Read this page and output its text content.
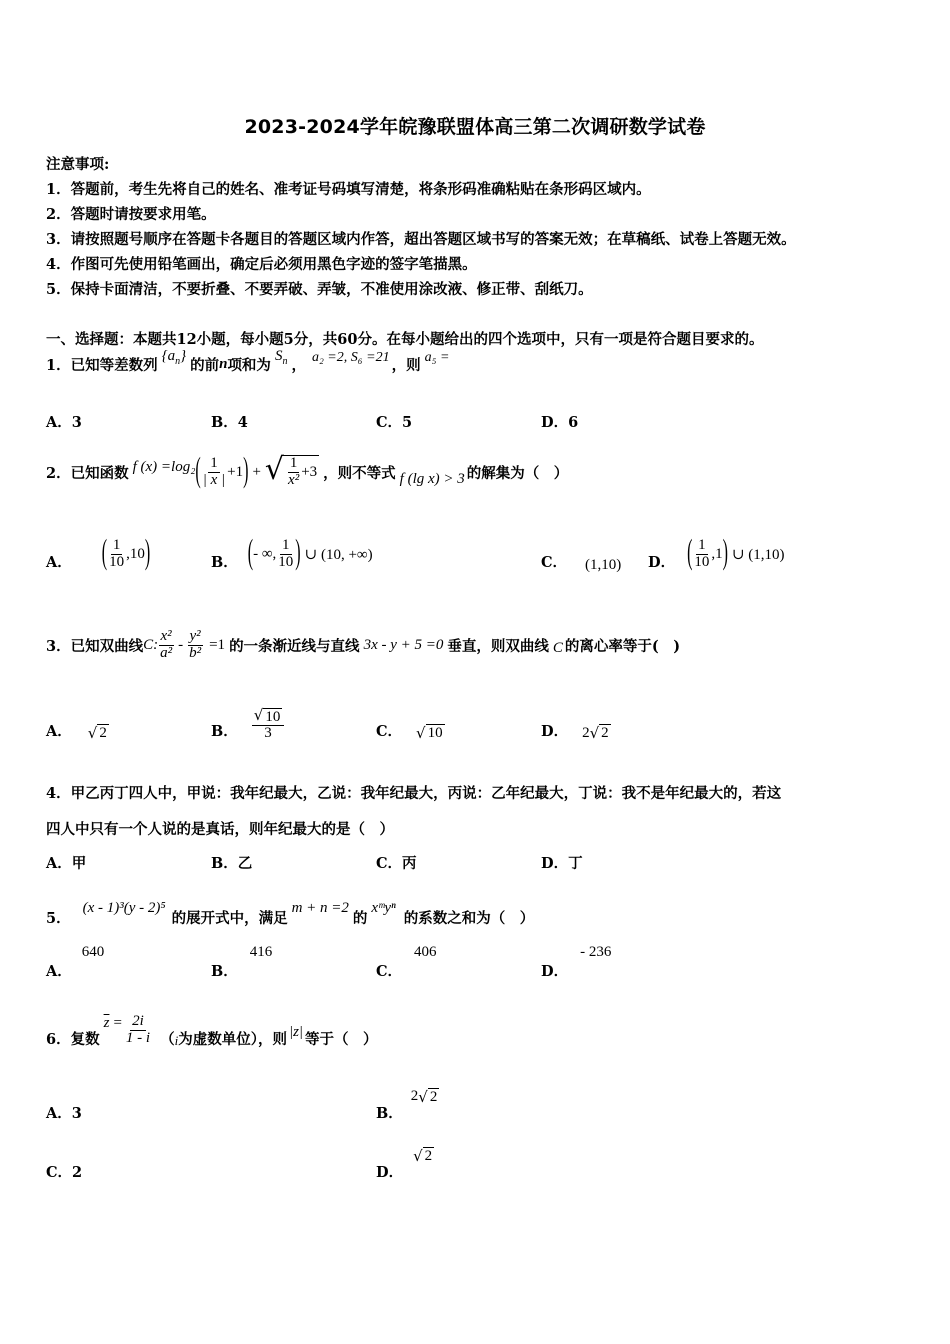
2023-2024学年皖豫联盟体高三第二次调研数学试卷
注意事项:
1．答题前，考生先将自己的姓名、准考证号码填写清楚，将条形码准确粘贴在条形码区域内。
2．答题时请按要求用笔。
3．请按照题号顺序在答题卡各题目的答题区域内作答，超出答题区域书写的答案无效；在草稿纸、试卷上答题无效。
4．作图可先使用铅笔画出，确定后必须用黑色字迹的签字笔描黑。
5．保持卡面清洁，不要折叠、不要弄破、弄皱，不准使用涂改液、修正带、刮纸刀。
一、选择题：本题共12小题，每小题5分，共60分。在每小题给出的四个选项中，只有一项是符合题目要求的。
1．已知等差数列
$\{a_n\}$
的前 n 项和为
$S_n$ ， a₂ =2, S₆ =21 ，则 a₅ =
A．3	B．4	C．5	D．6
2．已知函数 f (x) =log₂ ( $\frac{1}{| x |} +1$ ) + √ $\frac{1}{\text{x²}} +3$ ，则不等式 f (lg x) > 3 的解集为（　）
A． ( $\frac{1}{10} ,10$ )	B． ( - ∞, $\frac{1}{10}$ ) ∪ (10, +∞)	C． (1,10) D． ( $\frac{1}{10} ,1$ ) ∪ (1,10)
3．已知双曲线 C: $\frac{\text{x²}}{\text{a²}} - \frac{\text{y²}}{\text{b²}} =1$ 的一条渐近线与直线 3x - y + 5 =0 垂直，则双曲线 C 的离心率等于(　)
A． √ 2	B． $\frac{√ 10}{3}$	C． √ 10	D． 2 √ 2
4．甲乙丙丁四人中，甲说：我年纪最大，乙说：我年纪最大，丙说：乙年纪最大，丁说：我不是年纪最大的，若这
四人中只有一个人说的是真话，则年纪最大的是（　）
A．甲	B．乙	C．丙	D．丁
5．
(x - 1)³(y - 2)⁵
的展开式中，满足
m + n =2
的
xᵐyⁿ
的系数之和为（　）
A．
640
B．
416
C．
406
D．
- 236
6．复数
$\overline{z} = \frac{2i}{1 - i}$ （ i 为虚数单位），则 |z| 等于（　）
A．3	B．
2 √ 2
C．2	D．
√ 2
